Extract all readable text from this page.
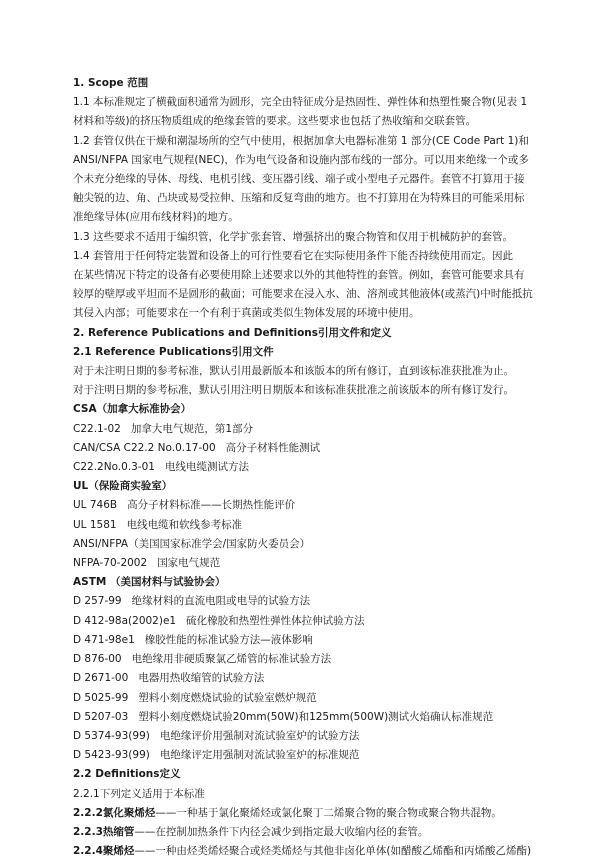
1. Scope 范围
1.1 本标准规定了横截面积通常为圆形，完全由特征成分是热固性、弹性体和热塑性聚合物(见表 1
材料和等级)的挤压物质组成的绝缘套管的要求。这些要求也包括了热收缩和交联套管。
1.2 套管仅供在干燥和潮湿场所的空气中使用，根据加拿大电器标准第 1 部分(CE Code Part 1)和
ANSI/NFPA 国家电气规程(NEC)，作为电气设备和设施内部布线的一部分。可以用来绝缘一个或多
个未充分绝缘的导体、母线、电机引线、变压器引线、端子或小型电子元器件。套管不打算用于接
触尖锐的边、角、凸块或易受拉伸、压缩和反复弯曲的地方。也不打算用在为特殊目的可能采用标
准绝缘导体(应用布线材料)的地方。
1.3 这些要求不适用于编织管，化学扩张套管、增强挤出的聚合物管和仅用于机械防护的套管。
1.4 套管用于任何特定装置和设备上的可行性要看它在实际使用条件下能否持续使用而定。因此
在某些情况下特定的设备有必要使用除上述要求以外的其他特性的套管。例如，套管可能要求具有
较厚的壁厚或平坦而不是圆形的截面；可能要求在浸入水、油、溶剂或其他液体(或蒸汽)中时能抵抗
其侵入内部；可能要求在一个有利于真菌或类似生物体发展的环境中使用。
2. Reference Publications and Definitions引用文件和定义
2.1 Reference Publications引用文件
对于未注明日期的参考标准，默认引用最新版本和该版本的所有修订，直到该标准获批准为止。
对于注明日期的参考标准，默认引用注明日期版本和该标准获批准之前该版本的所有修订发行。
CSA（加拿大标准协会）
C22.1-02
加拿大电气规范，第1部分
CAN/CSA C22.2 No.0.17-00
高分子材料性能测试
C22.2No.0.3-01
电线电缆测试方法
UL（保险商实验室）
UL 746B
高分子材料标准——长期热性能评价
UL 1581
电线电缆和软线参考标准
ANSI/NFPA （美国国家标准学会/国家防火委员会）
NFPA-70-2002
国家电气规范
ASTM （美国材料与试验协会）
D 257-99
绝缘材料的直流电阻或电导的试验方法
D 412-98a(2002)e1
硫化橡胶和热塑性弹性体拉伸试验方法
D 471-98e1
橡胶性能的标准试验方法—液体影响
D 876-00
电绝缘用非硬质聚氯乙烯管的标准试验方法
D 2671-00
电器用热收缩管的试验方法
D 5025-99
塑料小刻度燃烧试验的试验室燃炉规范
D 5207-03
塑料小刻度燃烧试验20mm(50W)和125mm(500W)测试火焰确认标准规范
D 5374-93(99)
电绝缘评价用强制对流试验室炉的试验方法
D 5423-93(99)
电绝缘评定用强制对流试验室炉的标准规范
2.2 Definitions定义
2.2.1下列定义适用于本标准
2.2.2氯化聚烯烃——一种基于氯化聚烯烃或氯化聚丁二烯聚合物的聚合物或聚合物共混物。
2.2.3热缩管——在控制加热条件下内径会减少到指定最大收缩内径的套管。
2.2.4聚烯烃——一种由烃类烯烃聚合或烃类烯烃与其他非卤化单体(如醋酸乙烯酯和丙烯酸乙烯酯)
